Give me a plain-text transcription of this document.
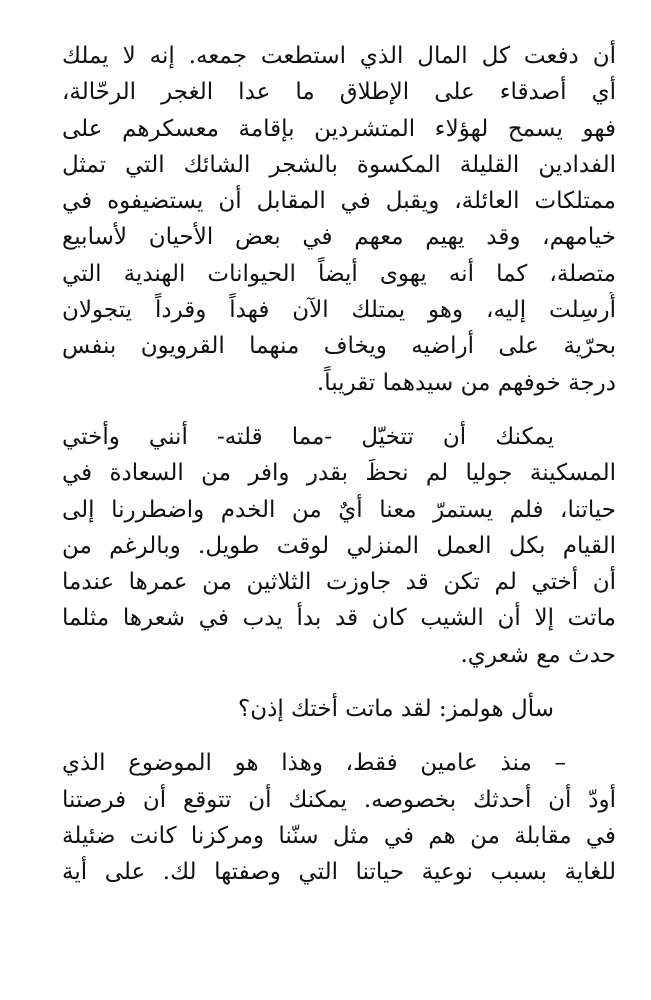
أن دفعت كل المال الذي استطعت جمعه. إنه لا يملك
أي أصدقاء على الإطلاق ما عدا الغجر الرحّالة،
فهو يسمح لهؤلاء المتشردين بإقامة معسكرهم على
الفدادين القليلة المكسوة بالشجر الشائك التي تمثل
ممتلكات العائلة، ويقبل في المقابل أن يستضيفوه في
خيامهم، وقد يهيم معهم في بعض الأحيان لأسابيع
متصلة، كما أنه يهوى أيضاً الحيوانات الهندية التي
أُرسِلت إليه، وهو يمتلك الآن فهداً وقرداً يتجولان
بحرّية على أراضيه ويخاف منهما القرويون بنفس
درجة خوفهم من سيدهما تقريباً.
يمكنك أن تتخيّل -مما قلته- أنني وأختي
المسكينة جوليا لم نحظَ بقدر وافر من السعادة في
حياتنا، فلم يستمرّ معنا أيٌ من الخدم واضطررنا إلى
القيام بكل العمل المنزلي لوقت طويل. وبالرغم من
أن أختي لم تكن قد جاوزت الثلاثين من عمرها عندما
ماتت إلا أن الشيب كان قد بدأ يدب في شعرها مثلما
حدث مع شعري.
سأل هولمز: لقد ماتت أختك إذن؟
– منذ عامين فقط، وهذا هو الموضوع الذي
أودّ أن أحدثك بخصوصه. يمكنك أن تتوقع أن فرصتنا
في مقابلة من هم في مثل سنّنا ومركزنا كانت ضئيلة
للغاية بسبب نوعية حياتنا التي وصفتها لك. على أية
